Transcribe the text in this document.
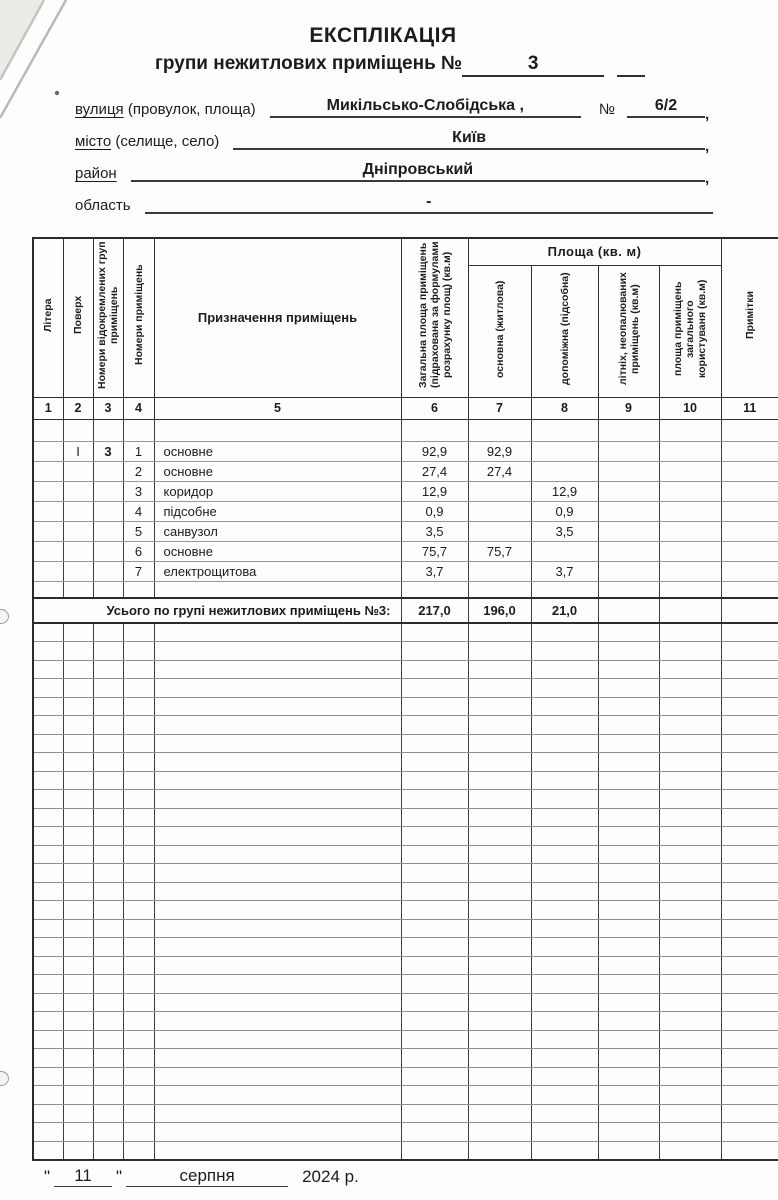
ЕКСПЛІКАЦІЯ
групи нежитлових приміщень №	3
вулиця (провулок, площа)	Микільсько-Слобідська ,	№	6/2
,
місто (селище, село)	Київ
,
район	Дніпровський
,
область	-
Літера	Поверх	Номери відокремлених груп приміщень	Номери приміщень	Призначення приміщень	Загальна площа приміщень (підрахована за формулами розрахунку площ) (кв.м)	Площа (кв. м)				Примітки
						основна (житлова)	допоміжна (підсобна)	літніх, неопалюваних приміщень (кв.м)	площа приміщень загального користуваня (кв.м)	
1	2	3	4	5	6	7	8	9	10	11

	І	3	1	основне	92,9	92,9				
			2	основне	27,4	27,4				
			3	коридор	12,9		12,9			
			4	підсобне	0,9		0,9			
			5	санвузол	3,5		3,5			
			6	основне	75,7	75,7				
			7	електрощитова	3,7		3,7			

Усього по групі нежитлових приміщень №3:					217,0	196,0	21,0			

"	11	"	серпня	2024 р.
